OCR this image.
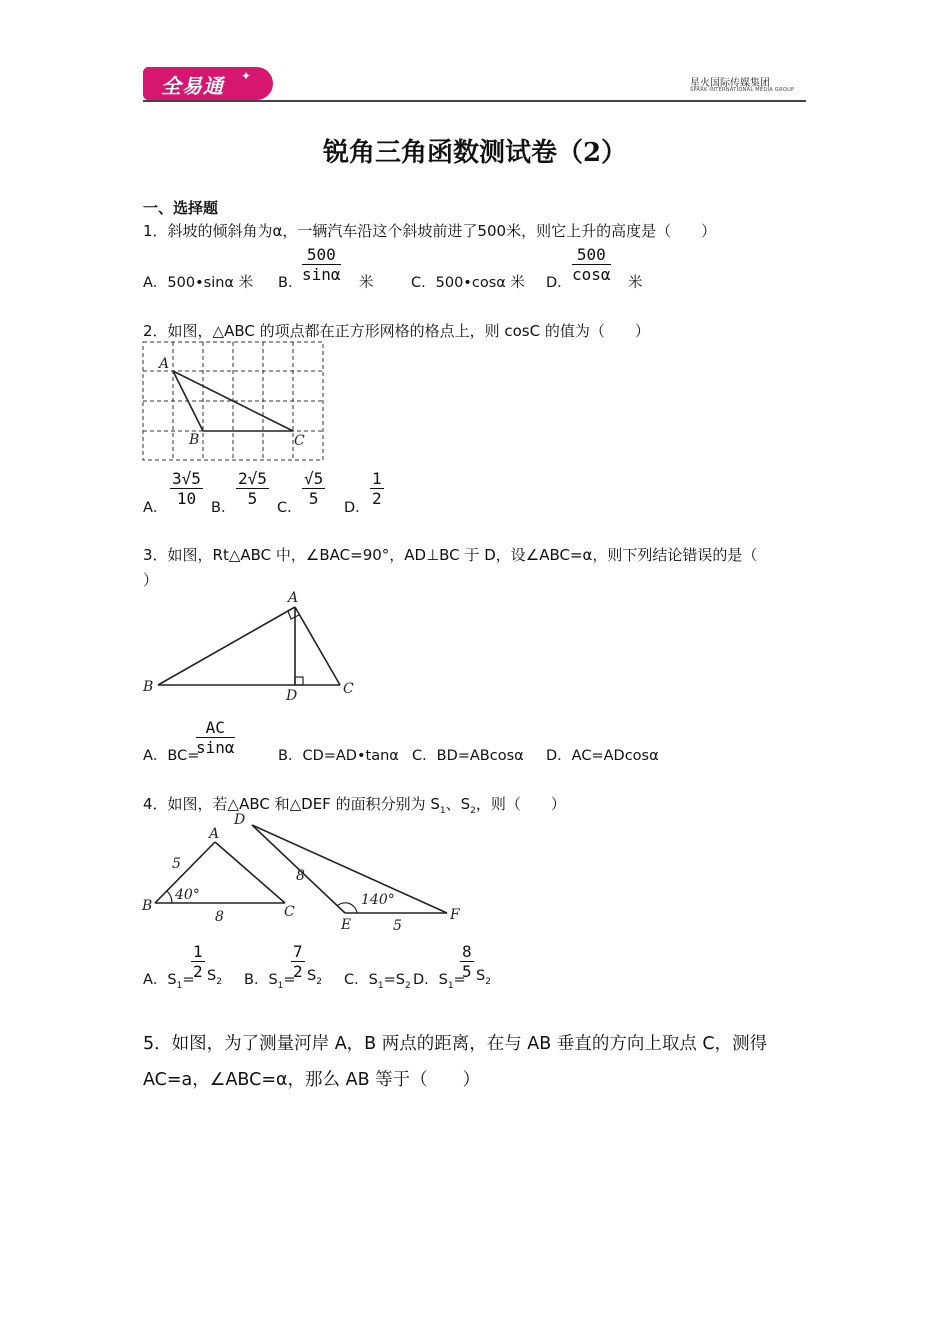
全易通 ✦
星火国际传媒集团
SPARK INTERNATIONAL MEDIA GROUP
锐角三角函数测试卷（2）
一、选择题
1．斜坡的倾斜角为α，一辆汽车沿这个斜坡前进了500米，则它上升的高度是（　　）
A．500•sinα 米 B． $\frac{500}{\sin\alpha}$ 米	C．500•cosα 米 D． $\frac{500}{\cos\alpha}$ 米
2．如图，△ABC 的项点都在正方形网格的格点上，则 cosC 的值为（　　）
A
B	C
A． $\frac{3√5}{10}$ B． $\frac{2√5}{5}$ C． $\frac{√5}{5}$ D． $\frac{1}{2}$
3．如图，Rt△ABC 中，∠BAC=90°，AD⊥BC 于 D，设∠ABC=α，则下列结论错误的是（
）
A
B	C
D
A．BC=
$\frac{AC}{\sin\alpha}$	B．CD=AD•tanα C．BD=ABcosα D．AC=ADcosα
4．如图，若△ABC 和△DEF 的面积分别为 $S_1$、$S_2$，则（　　）
A
B	C
5
8
40°
D
E
F
8
5
140°
A．$S_1=$
$\frac{1}{2} S_2$ B．$S_1=$
$\frac{7}{2} S_2$ C．$S_1=S_2$ D．$S_1=$
$\frac{8}{5} S_2$
5．如图，为了测量河岸 A，B 两点的距离，在与 AB 垂直的方向上取点 C，测得 AC=a，∠ABC=α，那么 AB 等于（　　）
